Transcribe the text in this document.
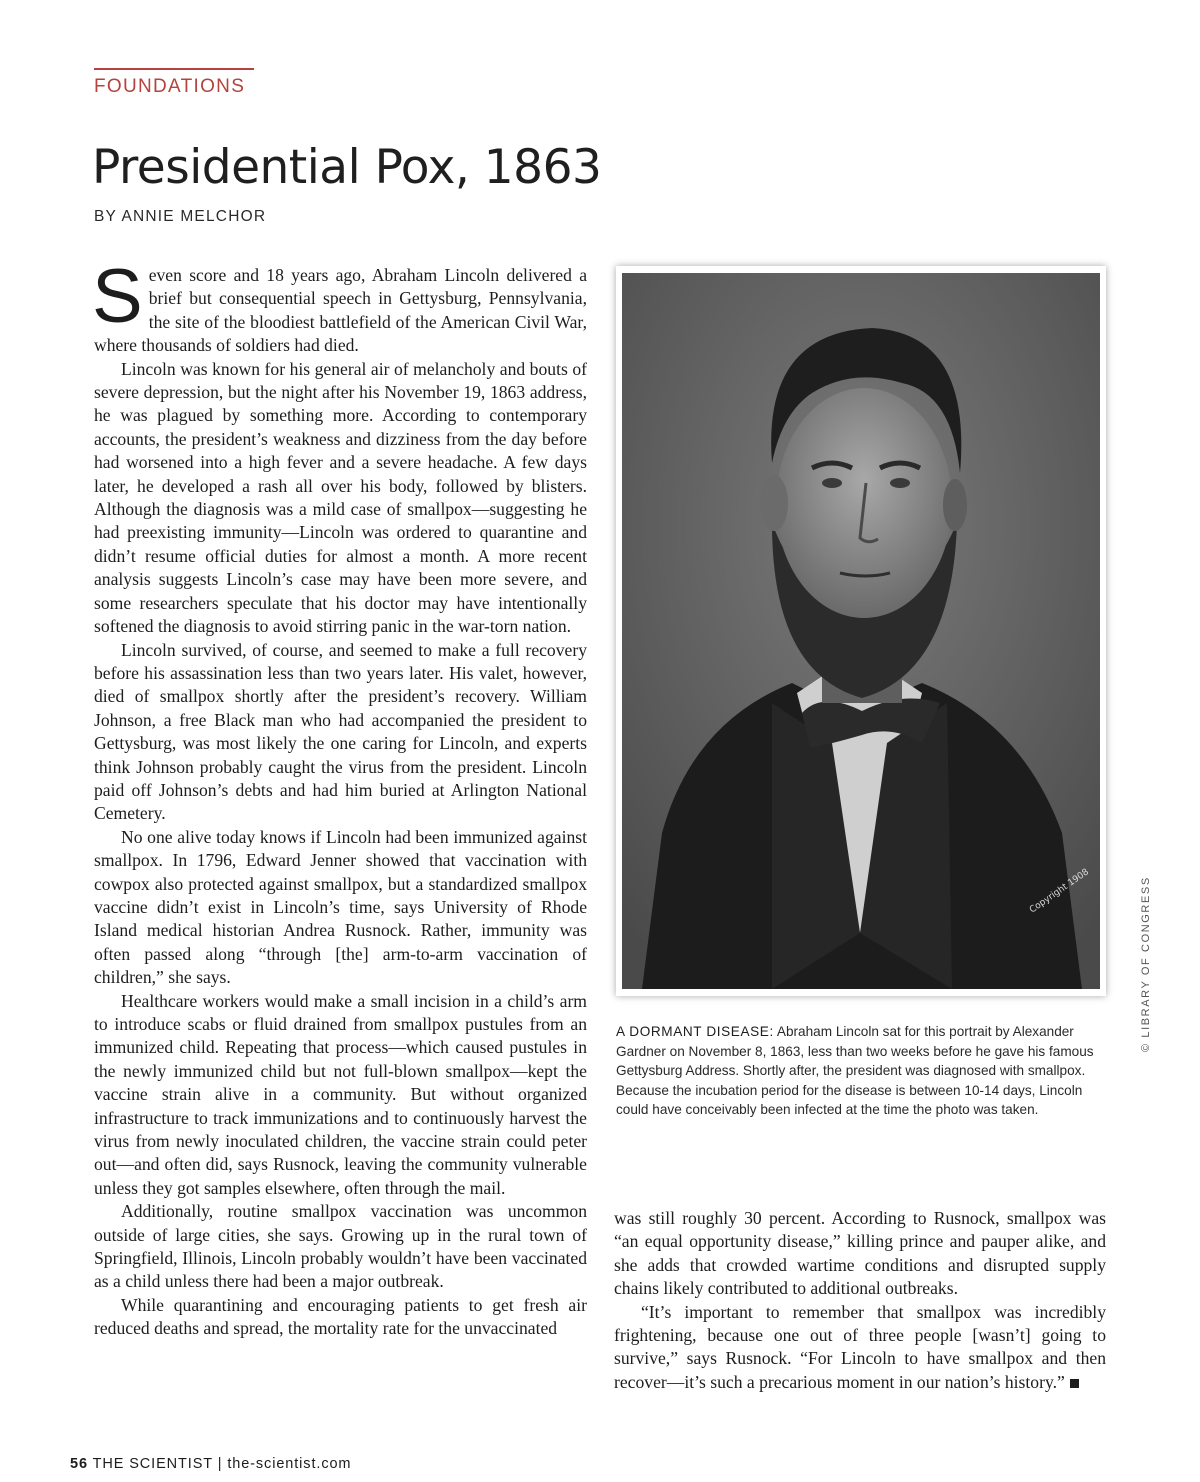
FOUNDATIONS
Presidential Pox, 1863
BY ANNIE MELCHOR

Seven score and 18 years ago, Abraham Lincoln delivered a brief but consequential speech in Gettysburg, Pennsylvania, the site of the bloodiest battlefield of the American Civil War, where thousands of soldiers had died.

Lincoln was known for his general air of melancholy and bouts of severe depression, but the night after his November 19, 1863 address, he was plagued by something more. According to contemporary accounts, the president’s weakness and dizziness from the day before had worsened into a high fever and a severe headache. A few days later, he developed a rash all over his body, followed by blisters. Although the diagnosis was a mild case of smallpox—suggesting he had preexisting immunity—Lincoln was ordered to quarantine and didn’t resume official duties for almost a month. A more recent analysis suggests Lincoln’s case may have been more severe, and some researchers speculate that his doctor may have intentionally softened the diagnosis to avoid stirring panic in the war-torn nation.

Lincoln survived, of course, and seemed to make a full recovery before his assassination less than two years later. His valet, however, died of smallpox shortly after the president’s recovery. William Johnson, a free Black man who had accompanied the president to Gettysburg, was most likely the one caring for Lincoln, and experts think Johnson probably caught the virus from the president. Lincoln paid off Johnson’s debts and had him buried at Arlington National Cemetery.

No one alive today knows if Lincoln had been immunized against smallpox. In 1796, Edward Jenner showed that vaccination with cowpox also protected against smallpox, but a standardized smallpox vaccine didn’t exist in Lincoln’s time, says University of Rhode Island medical historian Andrea Rusnock. Rather, immunity was often passed along “through [the] arm-to-arm vaccination of children,” she says.

Healthcare workers would make a small incision in a child’s arm to introduce scabs or fluid drained from smallpox pustules from an immunized child. Repeating that process—which caused pustules in the newly immunized child but not full-blown smallpox—kept the vaccine strain alive in a community. But without organized infrastructure to track immunizations and to continuously harvest the virus from newly inoculated children, the vaccine strain could peter out—and often did, says Rusnock, leaving the community vulnerable unless they got samples elsewhere, often through the mail.

Additionally, routine smallpox vaccination was uncommon outside of large cities, she says. Growing up in the rural town of Springfield, Illinois, Lincoln probably wouldn’t have been vaccinated as a child unless there had been a major outbreak.

While quarantining and encouraging patients to get fresh air reduced deaths and spread, the mortality rate for the unvaccinated

Copyright 1908
A DORMANT DISEASE: Abraham Lincoln sat for this portrait by Alexander Gardner on November 8, 1863, less than two weeks before he gave his famous Gettysburg Address. Shortly after, the president was diagnosed with smallpox. Because the incubation period for the disease is between 10-14 days, Lincoln could have conceivably been infected at the time the photo was taken.

was still roughly 30 percent. According to Rusnock, smallpox was “an equal opportunity disease,” killing prince and pauper alike, and she adds that crowded wartime conditions and disrupted supply chains likely contributed to additional outbreaks.

“It’s important to remember that smallpox was incredibly frightening, because one out of three people [wasn’t] going to survive,” says Rusnock. “For Lincoln to have smallpox and then recover—it’s such a precarious moment in our nation’s history.”

© LIBRARY OF CONGRESS
56 THE SCIENTIST | the-scientist.com
